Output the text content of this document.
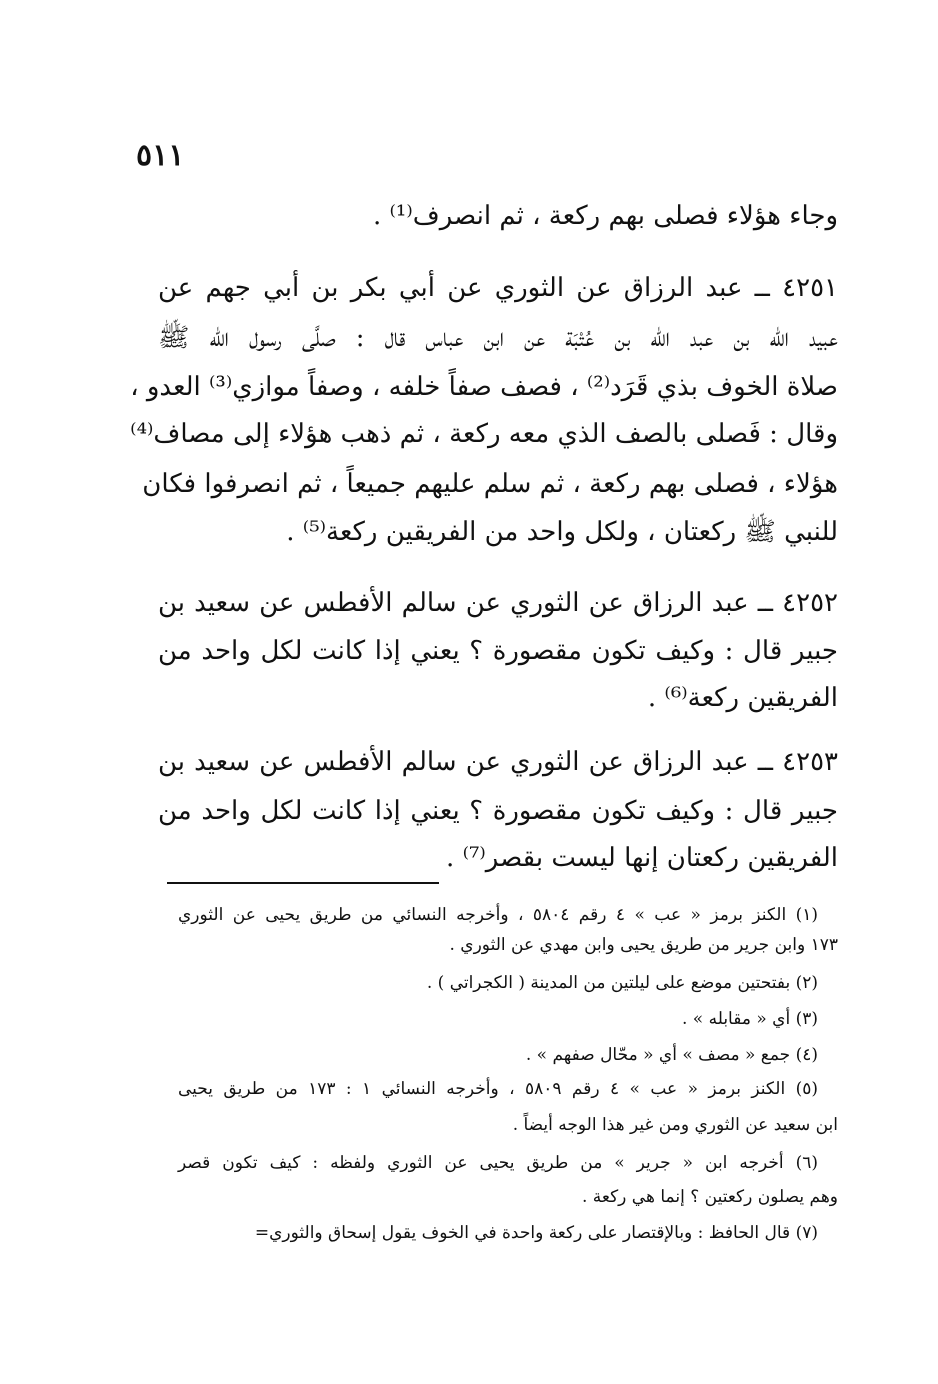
٥١١
وجاء هؤلاء فصلى بهم ركعة ، ثم انصرف⁽¹⁾ .
٤٢٥١ ــ عبد الرزاق عن الثوري عن أبي بكر بن أبي جهم عن
عبيد الله بن عبد الله بن عُتْبَة عن ابن عباس قال : صلَّى رسول الله ﷺ
صلاة الخوف بذي قَرَد⁽²⁾ ، فصف صفاً خلفه ، وصفاً موازي⁽³⁾ العدو ،
وقال : فَصلى بالصف الذي معه ركعة ، ثم ذهب هؤلاء إلى مصاف⁽⁴⁾
هؤلاء ، فصلى بهم ركعة ، ثم سلم عليهم جميعاً ، ثم انصرفوا فكان
للنبي ﷺ ركعتان ، ولكل واحد من الفريقين ركعة⁽⁵⁾ .
٤٢٥٢ ــ عبد الرزاق عن الثوري عن سالم الأفطس عن سعيد بن
جبير قال : وكيف تكون مقصورة ؟ يعني إذا كانت لكل واحد من
الفريقين ركعة⁽⁶⁾ .
٤٢٥٣ ــ عبد الرزاق عن الثوري عن سالم الأفطس عن سعيد بن
جبير قال : وكيف تكون مقصورة ؟ يعني إذا كانت لكل واحد من
الفريقين ركعتان إنها ليست بقصر⁽⁷⁾ .
(١) الكنز برمز « عب » ٤ رقم ٥٨٠٤ ، وأخرجه النسائي من طريق يحيى عن الثوري
١٧٣ وابن جرير من طريق يحيى وابن مهدي عن الثوري .
(٢) بفتحتين موضع على ليلتين من المدينة ( الكجراتي ) .
(٣) أي « مقابله » .
(٤) جمع « مصف » أي « محّال صفهم » .
(٥) الكنز برمز « عب » ٤ رقم ٥٨٠٩ ، وأخرجه النسائي ١ : ١٧٣ من طريق يحيى
ابن سعيد عن الثوري ومن غير هذا الوجه أيضاً .
(٦) أخرجه ابن « جرير » من طريق يحيى عن الثوري ولفظه : كيف تكون قصر
وهم يصلون ركعتين ؟ إنما هي ركعة .
(٧) قال الحافظ : وبالإقتصار على ركعة واحدة في الخوف يقول إسحاق والثوري=
